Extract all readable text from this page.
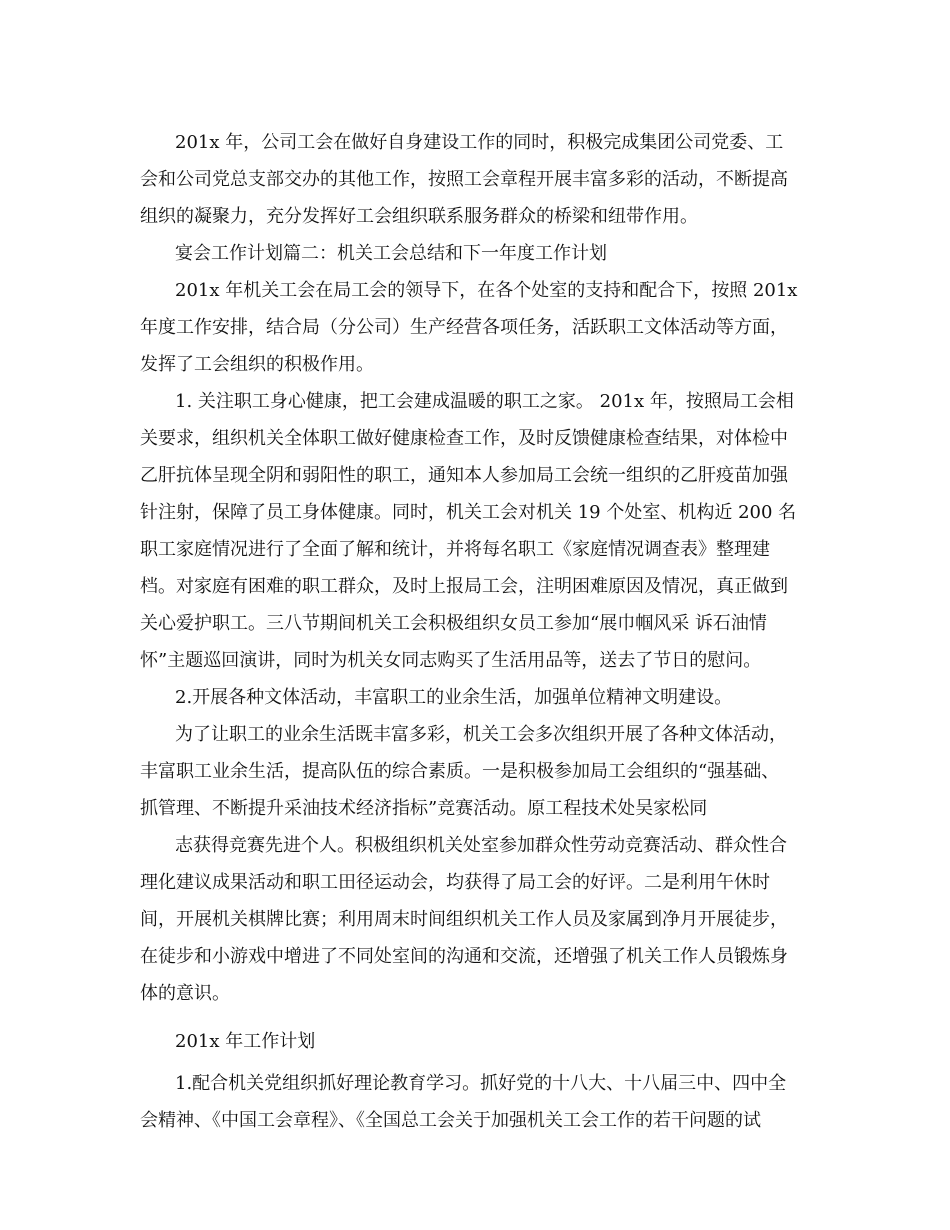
201x 年，公司工会在做好自身建设工作的同时，积极完成集团公司党委、工

会和公司党总支部交办的其他工作，按照工会章程开展丰富多彩的活动，不断提高

组织的凝聚力，充分发挥好工会组织联系服务群众的桥梁和纽带作用。

宴会工作计划篇二：机关工会总结和下一年度工作计划

201x 年机关工会在局工会的领导下，在各个处室的支持和配合下，按照 201x

年度工作安排，结合局（分公司）生产经营各项任务，活跃职工文体活动等方面，

发挥了工会组织的积极作用。

1. 关注职工身心健康，把工会建成温暖的职工之家。 201x 年，按照局工会相

关要求，组织机关全体职工做好健康检查工作，及时反馈健康检查结果，对体检中

乙肝抗体呈现全阴和弱阳性的职工，通知本人参加局工会统一组织的乙肝疫苗加强

针注射，保障了员工身体健康。同时，机关工会对机关 19 个处室、机构近 200 名

职工家庭情况进行了全面了解和统计，并将每名职工《家庭情况调查表》整理建

档。对家庭有困难的职工群众，及时上报局工会，注明困难原因及情况，真正做到

关心爱护职工。三八节期间机关工会积极组织女员工参加“展巾帼风采 诉石油情

怀”主题巡回演讲，同时为机关女同志购买了生活用品等，送去了节日的慰问。

2.开展各种文体活动，丰富职工的业余生活，加强单位精神文明建设。

为了让职工的业余生活既丰富多彩，机关工会多次组织开展了各种文体活动，

丰富职工业余生活，提高队伍的综合素质。一是积极参加局工会组织的“强基础、

抓管理、不断提升采油技术经济指标”竞赛活动。原工程技术处吴家松同

志获得竞赛先进个人。积极组织机关处室参加群众性劳动竞赛活动、群众性合

理化建议成果活动和职工田径运动会，均获得了局工会的好评。二是利用午休时

间，开展机关棋牌比赛；利用周末时间组织机关工作人员及家属到净月开展徒步，

在徒步和小游戏中增进了不同处室间的沟通和交流，还增强了机关工作人员锻炼身

体的意识。

201x 年工作计划

1.配合机关党组织抓好理论教育学习。抓好党的十八大、十八届三中、四中全

会精神、《中国工会章程》、《全国总工会关于加强机关工会工作的若干问题的试
